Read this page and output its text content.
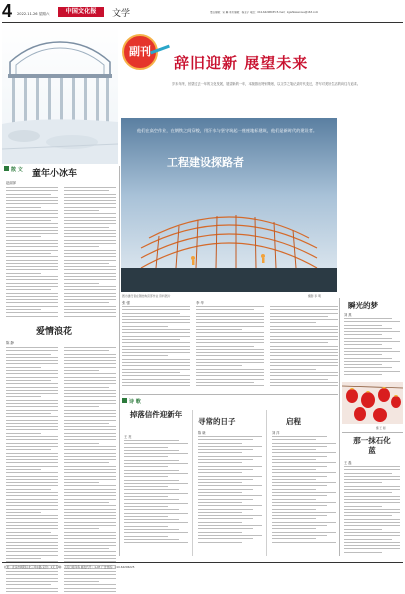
4 2022.11.26 星期六	中国文化报	文学	责任编辑：宋 琳 美术编辑：杨玉宁 电话：010-64298035 E-mail：zgwhbwenxue@163.com
副刊
辞旧迎新 展望未来
岁末年终，回望过去一年的文化发展，展望新的一年，本版推出特别策划，以文学之笔记录时代变迁，抒写对美好生活的向往与追求。
他们在高空作业，在钢铁之间穿梭，用汗水与坚守筑起一座座地标建筑，他们是新时代的建设者。
工程建设探路者
图为建设者在钢结构顶部作业 资料图片	摄影 李 明
散 文 童年小冰车
赵丽萍
爱情浪花
陈 静
张 强	李 华	瞬光的梦
刘 燕
摄 王 刚
那一抹石化蓝
王 磊
诗 歌
掉落信件迎新年
王 亮
寻常的日子
陈 晓
启程
刘 洋
社址：北京市朝阳区北三环东路 定价：1元 印刷：人民日报印务 邮发代号：1-97 广告热线：010-64296225
